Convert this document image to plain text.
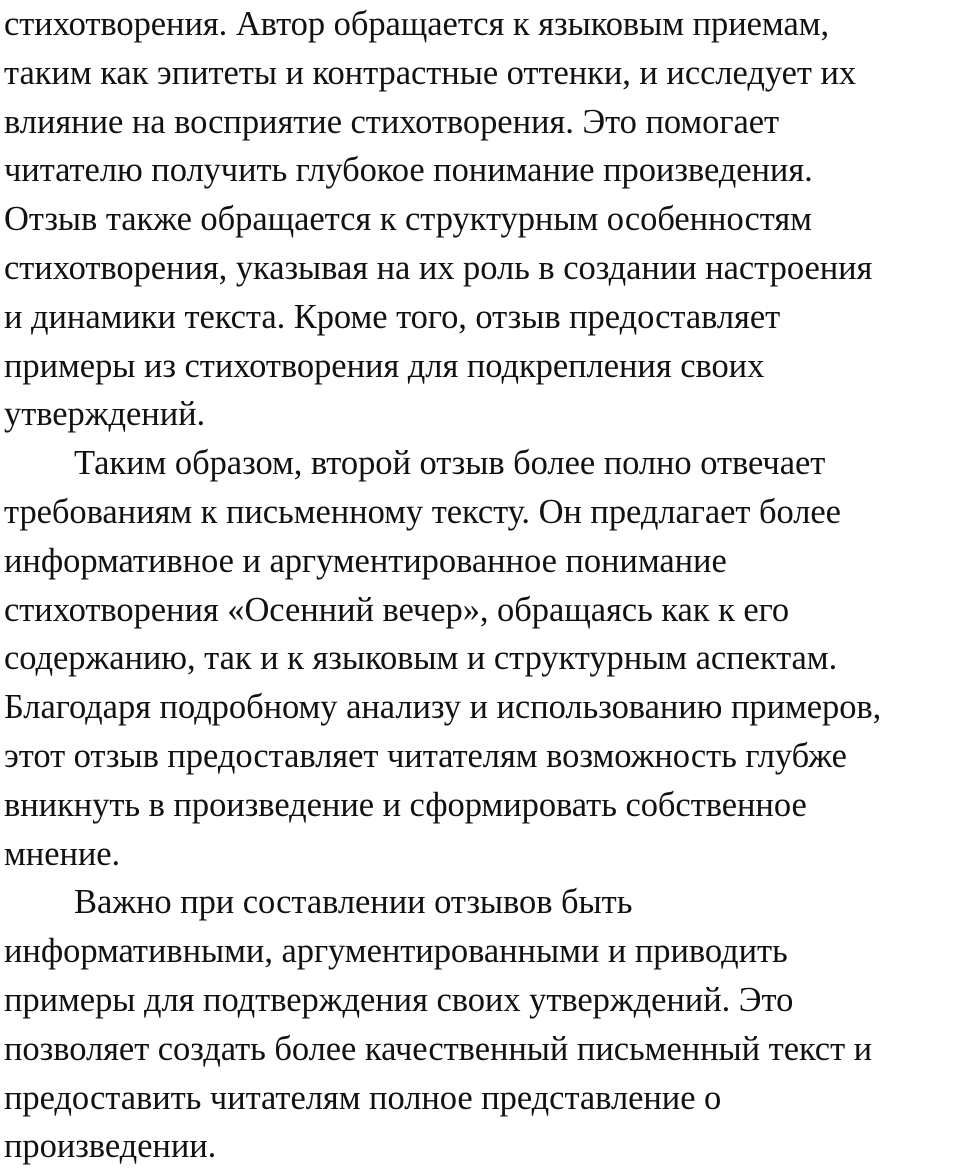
стихотворения. Автор обращается к языковым приемам,
таким как эпитеты и контрастные оттенки, и исследует их
влияние на восприятие стихотворения. Это помогает
читателю получить глубокое понимание произведения.
Отзыв также обращается к структурным особенностям
стихотворения, указывая на их роль в создании настроения
и динамики текста. Кроме того, отзыв предоставляет
примеры из стихотворения для подкрепления своих
утверждений.
Таким образом, второй отзыв более полно отвечает
требованиям к письменному тексту. Он предлагает более
информативное и аргументированное понимание
стихотворения «Осенний вечер», обращаясь как к его
содержанию, так и к языковым и структурным аспектам.
Благодаря подробному анализу и использованию примеров,
этот отзыв предоставляет читателям возможность глубже
вникнуть в произведение и сформировать собственное
мнение.
Важно при составлении отзывов быть
информативными, аргументированными и приводить
примеры для подтверждения своих утверждений. Это
позволяет создать более качественный письменный текст и
предоставить читателям полное представление о
произведении.
